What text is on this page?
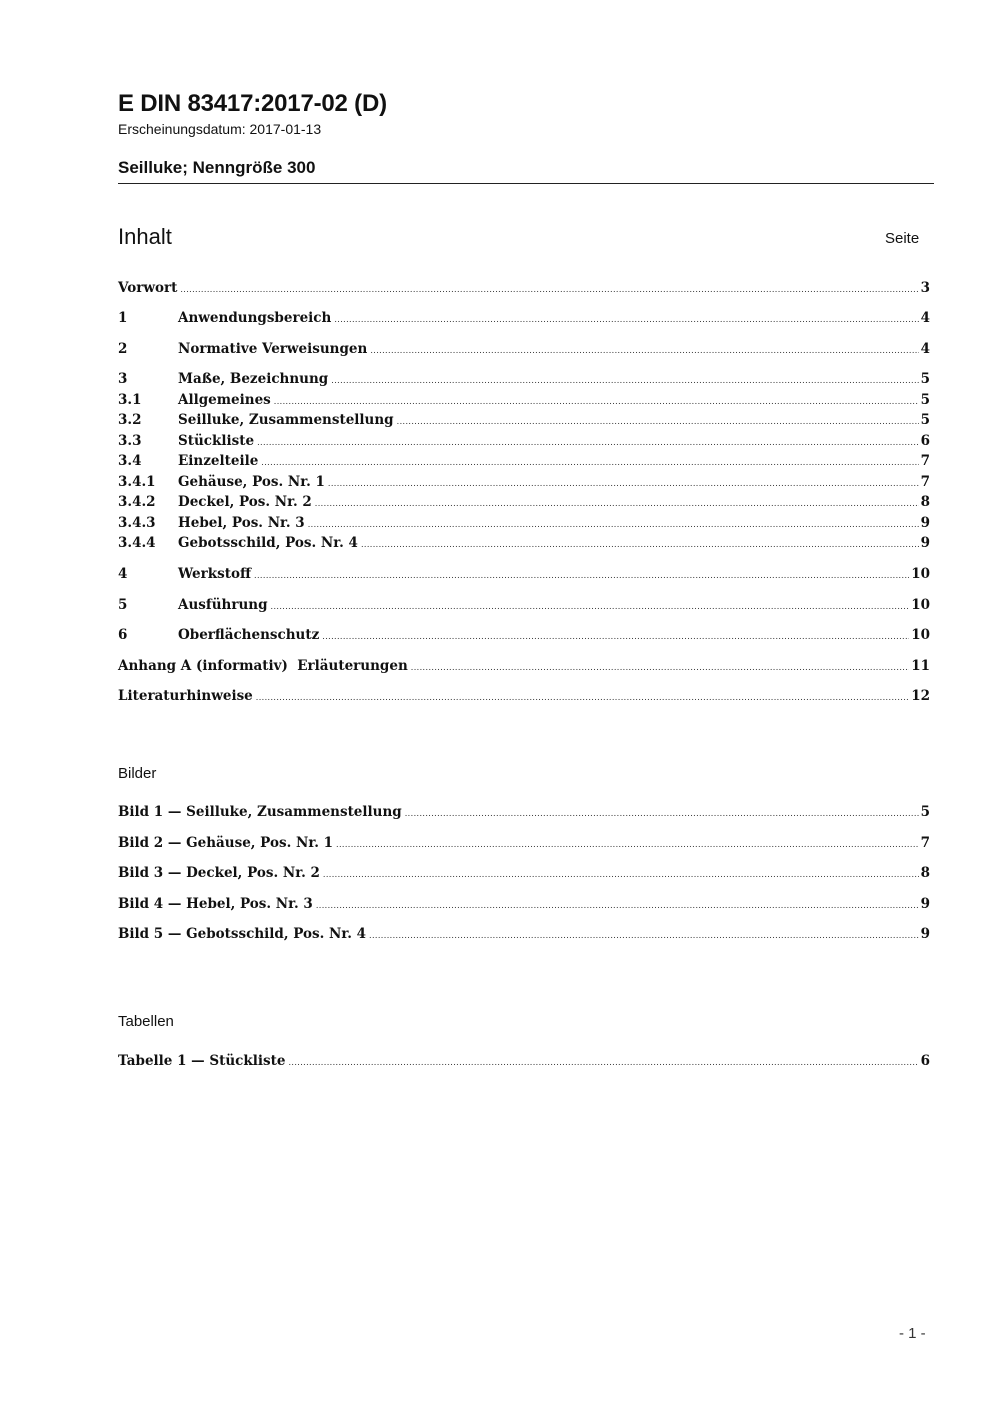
E DIN 83417:2017-02 (D)
Erscheinungsdatum: 2017-01-13
Seilluke; Nenngröße 300
Inhalt	Seite
Vorwort .....	3
1	Anwendungsbereich .....	4
2	Normative Verweisungen .....	4
3	Maße, Bezeichnung .....	5
3.1	Allgemeines .....	5
3.2	Seilluke, Zusammenstellung .....	5
3.3	Stückliste .....	6
3.4	Einzelteile .....	7
3.4.1	Gehäuse, Pos. Nr. 1 .....	7
3.4.2	Deckel, Pos. Nr. 2 .....	8
3.4.3	Hebel, Pos. Nr. 3 .....	9
3.4.4	Gebotsschild, Pos. Nr. 4 .....	9
4	Werkstoff .....	10
5	Ausführung .....	10
6	Oberflächenschutz .....	10
Anhang A (informativ)  Erläuterungen .....	11
Literaturhinweise .....	12
Bilder
Bild 1 — Seilluke, Zusammenstellung .....	5
Bild 2 — Gehäuse, Pos. Nr. 1 .....	7
Bild 3 — Deckel, Pos. Nr. 2 .....	8
Bild 4 — Hebel, Pos. Nr. 3 .....	9
Bild 5 — Gebotsschild, Pos. Nr. 4 .....	9
Tabellen
Tabelle 1 — Stückliste .....	6
- 1 -
